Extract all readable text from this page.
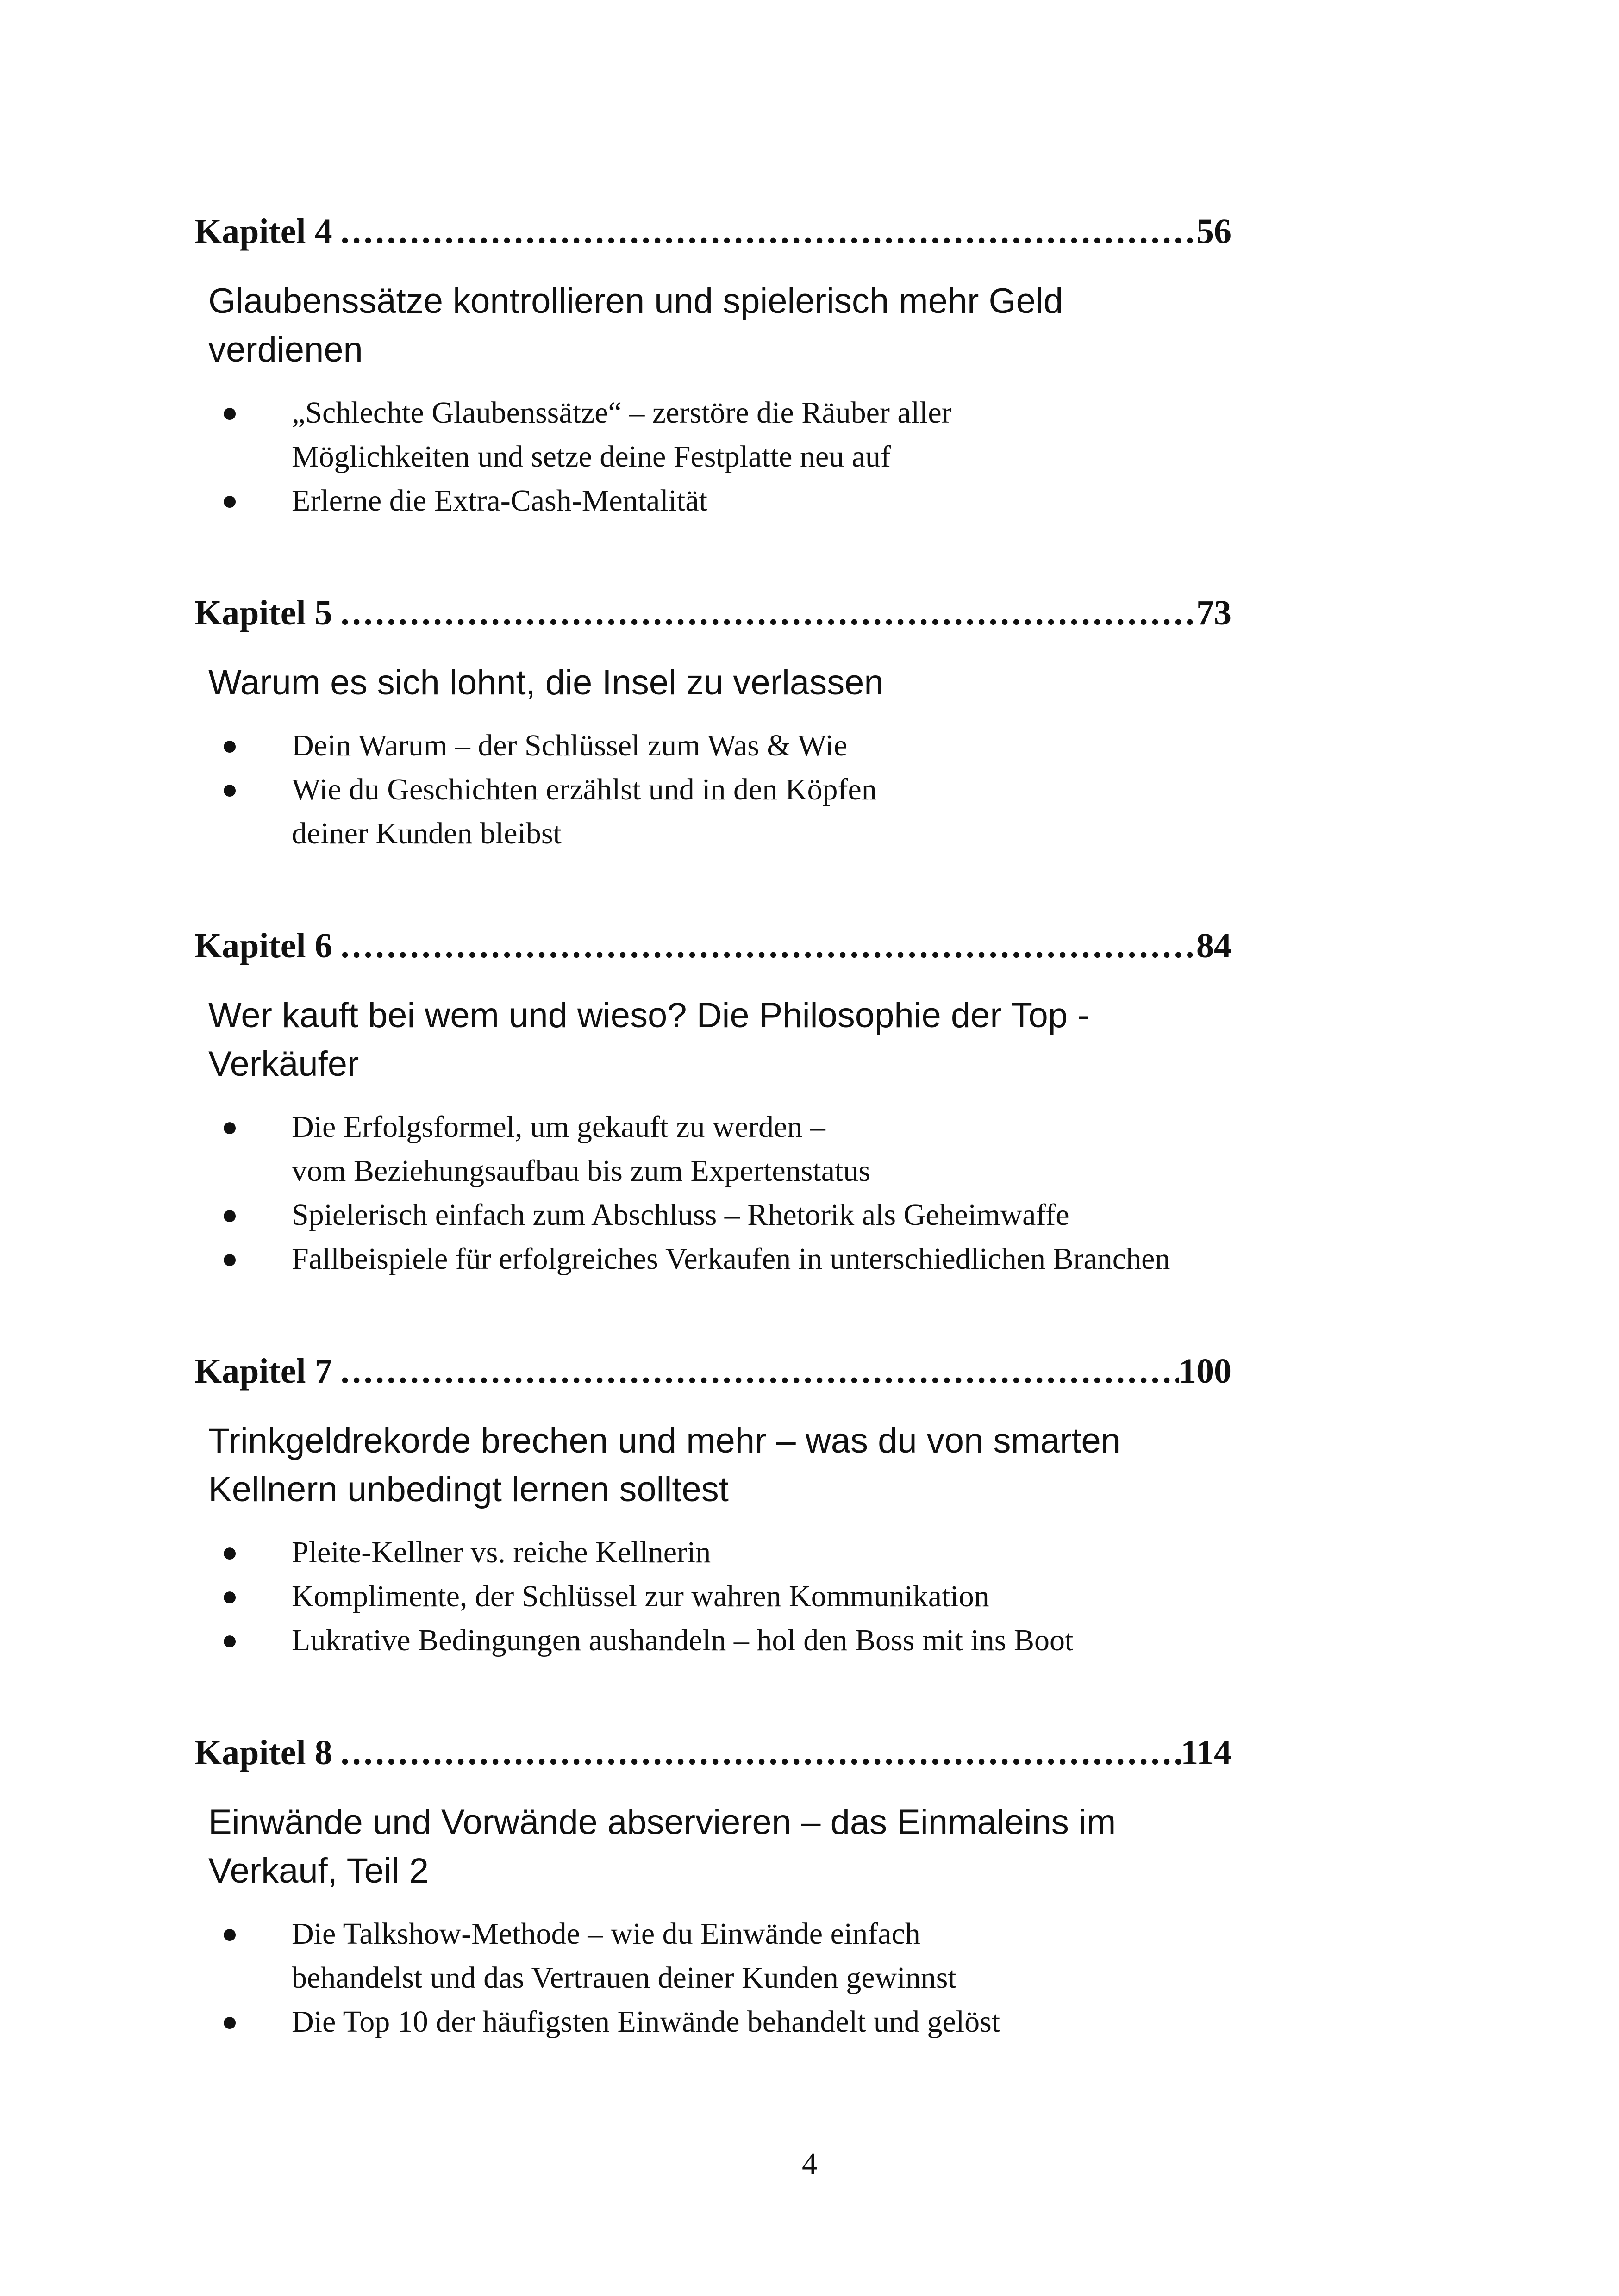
Kapitel 4 .....	56
Glaubenssätze kontrollieren und spielerisch mehr Geld
verdienen
● „Schlechte Glaubenssätze“ – zerstöre die Räuber aller
Möglichkeiten und setze deine Festplatte neu auf
● Erlerne die Extra-Cash-Mentalität
Kapitel 5 .....	73
Warum es sich lohnt, die Insel zu verlassen
● Dein Warum – der Schlüssel zum Was & Wie
● Wie du Geschichten erzählst und in den Köpfen
deiner Kunden bleibst
Kapitel 6 .....	84
Wer kauft bei wem und wieso? Die Philosophie der Top -
Verkäufer
● Die Erfolgsformel, um gekauft zu werden –
vom Beziehungsaufbau bis zum Expertenstatus
● Spielerisch einfach zum Abschluss – Rhetorik als Geheimwaffe
● Fallbeispiele für erfolgreiches Verkaufen in unterschiedlichen Branchen
Kapitel 7 .....	100
Trinkgeldrekorde brechen und mehr – was du von smarten
Kellnern unbedingt lernen solltest
● Pleite-Kellner vs. reiche Kellnerin
● Komplimente, der Schlüssel zur wahren Kommunikation
● Lukrative Bedingungen aushandeln – hol den Boss mit ins Boot
Kapitel 8 .....	114
Einwände und Vorwände abservieren – das Einmaleins im
Verkauf, Teil 2
● Die Talkshow-Methode – wie du Einwände einfach
behandelst und das Vertrauen deiner Kunden gewinnst
● Die Top 10 der häufigsten Einwände behandelt und gelöst
4
